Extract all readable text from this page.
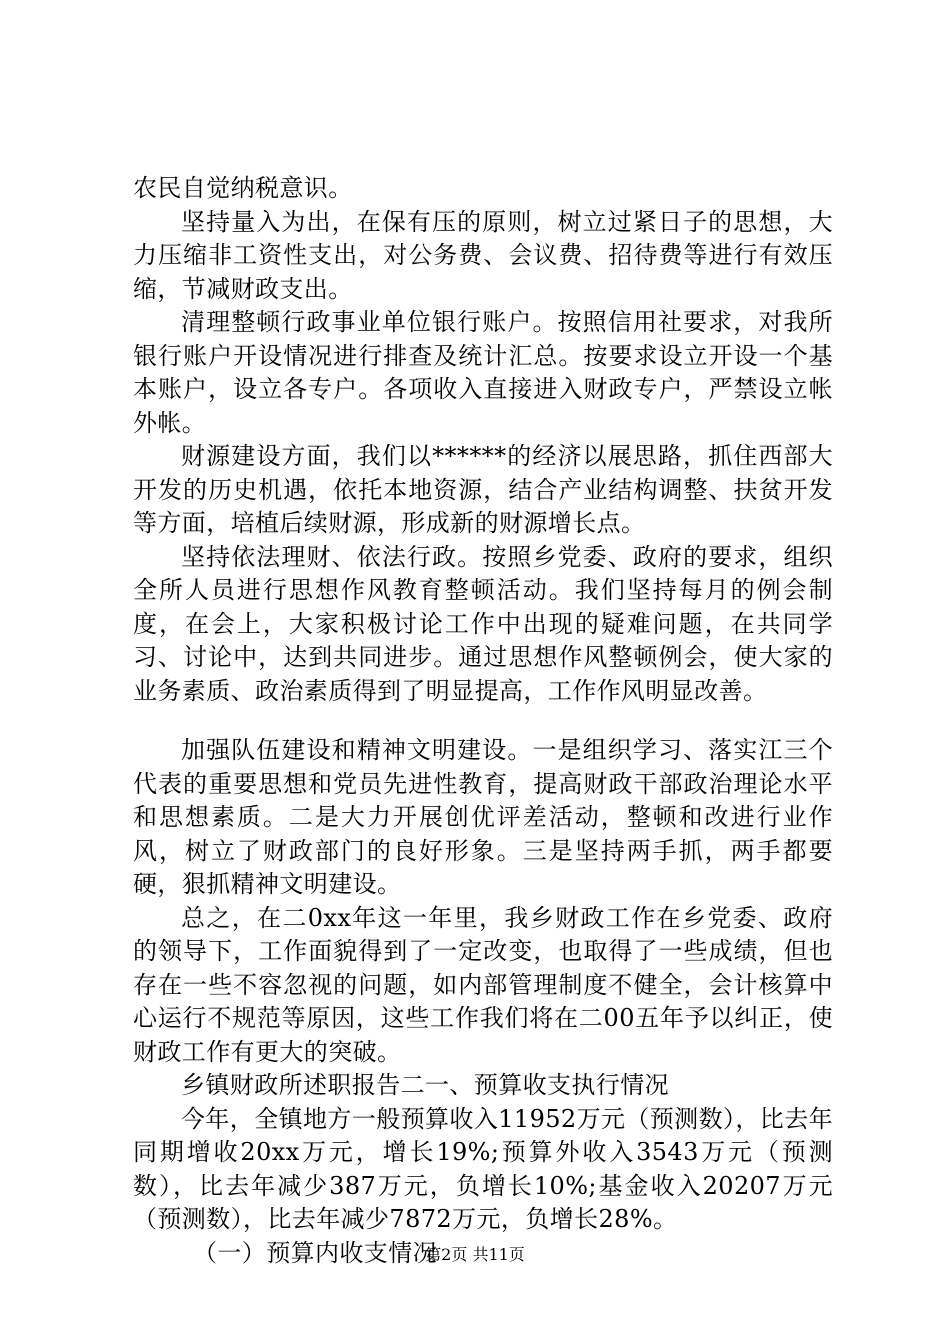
农民自觉纳税意识。

坚持量入为出，在保有压的原则，树立过紧日子的思想，大力压缩非工资性支出，对公务费、会议费、招待费等进行有效压缩，节减财政支出。

清理整顿行政事业单位银行账户。按照信用社要求，对我所银行账户开设情况进行排查及统计汇总。按要求设立开设一个基本账户，设立各专户。各项收入直接进入财政专户，严禁设立帐外帐。

财源建设方面，我们以******的经济以展思路，抓住西部大开发的历史机遇，依托本地资源，结合产业结构调整、扶贫开发等方面，培植后续财源，形成新的财源增长点。

坚持依法理财、依法行政。按照乡党委、政府的要求，组织全所人员进行思想作风教育整顿活动。我们坚持每月的例会制度，在会上，大家积极讨论工作中出现的疑难问题，在共同学习、讨论中，达到共同进步。通过思想作风整顿例会，使大家的业务素质、政治素质得到了明显提高，工作作风明显改善。

加强队伍建设和精神文明建设。一是组织学习、落实江三个代表的重要思想和党员先进性教育，提高财政干部政治理论水平和思想素质。二是大力开展创优评差活动，整顿和改进行业作风，树立了财政部门的良好形象。三是坚持两手抓，两手都要硬，狠抓精神文明建设。

总之，在二0xx年这一年里，我乡财政工作在乡党委、政府的领导下，工作面貌得到了一定改变，也取得了一些成绩，但也存在一些不容忽视的问题，如内部管理制度不健全，会计核算中心运行不规范等原因，这些工作我们将在二00五年予以纠正，使财政工作有更大的突破。

乡镇财政所述职报告二一、预算收支执行情况

今年，全镇地方一般预算收入11952万元（预测数），比去年同期增收20xx万元，增长19%;预算外收入3543万元（预测数），比去年减少387万元，负增长10%;基金收入20207万元（预测数），比去年减少7872万元，负增长28%。

（一）预算内收支情况

第2页 共11页
